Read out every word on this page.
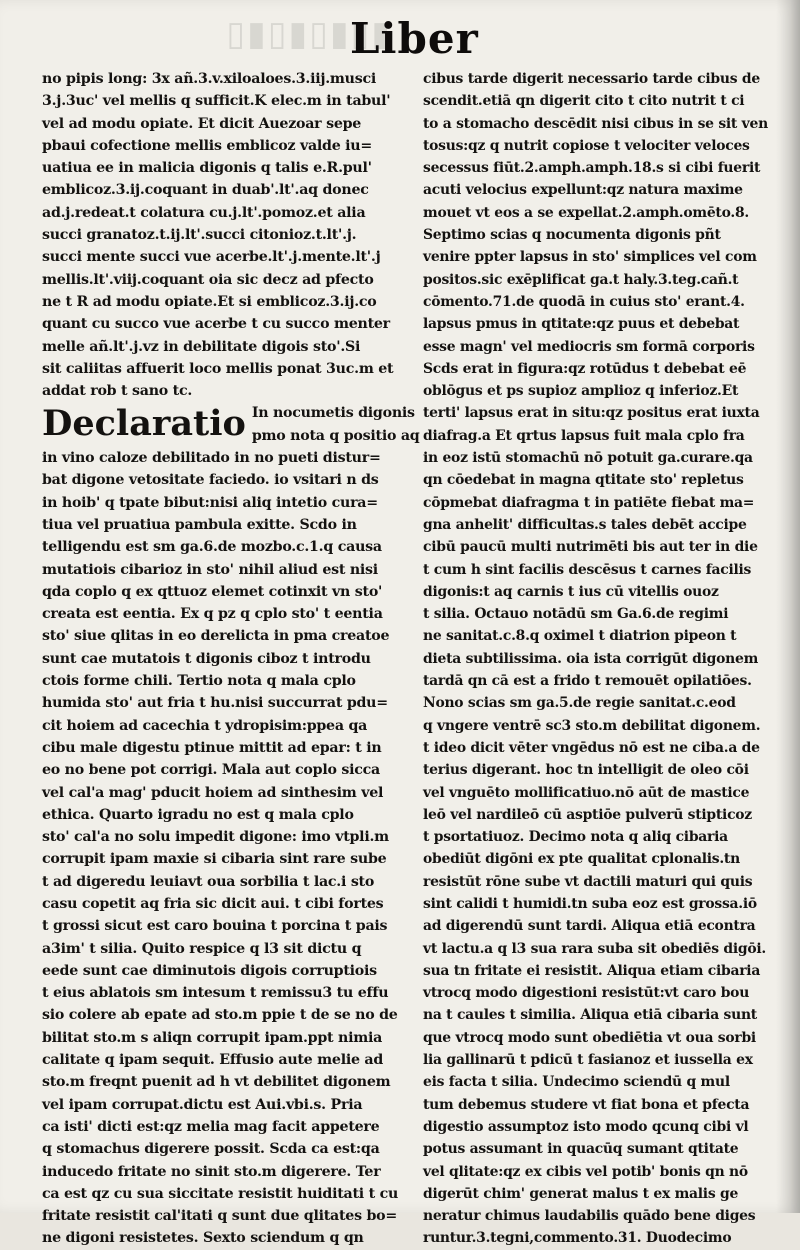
▮▯▮▯▮▯▮▯
Liber
no pipis long: 3x añ.3.v.xiloaloes.3.iij.musci
3.j.3uc' vel mellis q sufficit.K elec.m in tabul'
vel ad modu opiate. Et dicit Auezoar sepe
pbaui cofectione mellis emblicoz valde iu=
uatiua ee in malicia digonis q talis e.R.pul'
emblicoz.3.ij.coquant in duab'.lt'.aq donec
ad.j.redeat.t colatura cu.j.lt'.pomoz.et alia
succi granatoz.t.ij.lt'.succi citonioz.t.lt'.j.
succi mente succi vue acerbe.lt'.j.mente.lt'.j
mellis.lt'.viij.coquant oia sic decz ad pfecto
ne t R ad modu opiate.Et si emblicoz.3.ij.co
quant cu succo vue acerbe t cu succo menter
melle añ.lt'.j.vz in debilitate digois sto'.Si
sit caliitas affuerit loco mellis ponat 3uc.m et
addat rob t sano tc.
Declaratio In nocumetis digonis
pmo nota q positio aq
in vino caloze debilitado in no pueti distur=
bat digone vetositate faciedo. io vsitari n ds
in hoib' q tpate bibut:nisi aliq intetio cura=
tiua vel pruatiua pambula exitte. Scdo in
telligendu est sm ga.6.de mozbo.c.1.q causa
mutatiois cibarioz in sto' nihil aliud est nisi
qda coplo q ex qttuoz elemet cotinxit vn sto'
creata est eentia. Ex q pz q cplo sto' t eentia
sto' siue qlitas in eo derelicta in pma creatoe
sunt cae mutatois t digonis ciboz t introdu
ctois forme chili. Tertio nota q mala cplo
humida sto' aut fria t hu.nisi succurrat pdu=
cit hoiem ad cacechia t ydropisim:ppea qa
cibu male digestu ptinue mittit ad epar: t in
eo no bene pot corrigi. Mala aut coplo sicca
vel cal'a mag' pducit hoiem ad sinthesim vel
ethica. Quarto igradu no est q mala cplo
sto' cal'a no solu impedit digone: imo vtpli.m
corrupit ipam maxie si cibaria sint rare sube
t ad digeredu leuiavt oua sorbilia t lac.i sto
casu copetit aq fria sic dicit aui. t cibi fortes
t grossi sicut est caro bouina t porcina t pais
a3im' t silia. Quito respice q l3 sit dictu q
eede sunt cae diminutois digois corruptiois
t eius ablatois sm intesum t remissu3 tu effu
sio colere ab epate ad sto.m ppie t de se no de
bilitat sto.m s aliqn corrupit ipam.ppt nimia
calitate q ipam sequit. Effusio aute melie ad
sto.m freqnt puenit ad h vt debilitet digonem
vel ipam corrupat.dictu est Aui.vbi.s. Pria
ca isti' dicti est:qz melia mag facit appetere
q stomachus digerere possit. Scda ca est:qa
inducedo fritate no sinit sto.m digerere. Ter
ca est qz cu sua siccitate resistit huiditati t cu
fritate resistit cal'itati q sunt due qlitates bo=
ne digoni resistetes. Sexto sciendum q qn
cibus tarde digerit necessario tarde cibus de
scendit.etiā qn digerit cito t cito nutrit t ci
to a stomacho descēdit nisi cibus in se sit ven
tosus:qz q nutrit copiose t velociter veloces
secessus fiūt.2.amph.amph.18.s si cibi fuerit
acuti velocius expellunt:qz natura maxime
mouet vt eos a se expellat.2.amph.omēto.8.
Septimo scias q nocumenta digonis pñt
venire ppter lapsus in sto' simplices vel com
positos.sic exēplificat ga.t haly.3.teg.cañ.t
cōmento.71.de quodā in cuius sto' erant.4.
lapsus pmus in qtitate:qz puus et debebat
esse magn' vel mediocris sm formā corporis
Scds erat in figura:qz rotūdus t debebat eē
oblōgus et ps supioz amplioz q inferioz.Et
terti' lapsus erat in situ:qz positus erat iuxta
diafrag.a Et qrtus lapsus fuit mala cplo fra
in eoz istū stomachū nō potuit ga.curare.qa
qn cōedebat in magna qtitate sto' repletus
cōpmebat diafragma t in patiēte fiebat ma=
gna anhelit' difficultas.s tales debēt accipe
cibū paucū multi nutrimēti bis aut ter in die
t cum h sint facilis descēsus t carnes facilis
digonis:t aq carnis t ius cū vitellis ouoz
t silia. Octauo notādū sm Ga.6.de regimi
ne sanitat.c.8.q oximel t diatrion pipeon t
dieta subtilissima. oia ista corrigūt digonem
tardā qn cā est a frido t remouēt opilatiōes.
Nono scias sm ga.5.de regie sanitat.c.eod
q vngere ventrē sc3 sto.m debilitat digonem.
t ideo dicit vēter vngēdus nō est ne ciba.a de
terius digerant. hoc tn intelligit de oleo cōi
vel vnguēto mollificatiuo.nō aūt de mastice
leō vel nardileō cū asptiōe pulverū stipticoz
t psortatiuoz. Decimo nota q aliq cibaria
obediūt digōni ex pte qualitat cplonalis.tn
resistūt rōne sube vt dactili maturi qui quis
sint calidi t humidi.tn suba eoz est grossa.iō
ad digerendū sunt tardi. Aliqua etiā econtra
vt lactu.a q l3 sua rara suba sit obediēs digōi.
sua tn fritate ei resistit. Aliqua etiam cibaria
vtrocq modo digestioni resistūt:vt caro bou
na t caules t similia. Aliqua etiā cibaria sunt
que vtrocq modo sunt obediētia vt oua sorbi
lia gallinarū t pdicū t fasianoz et iussella ex
eis facta t silia. Undecimo sciendū q mul
tum debemus studere vt fiat bona et pfecta
digestio assumptoz isto modo qcunq cibi vl
potus assumant in quacūq sumant qtitate
vel qlitate:qz ex cibis vel potib' bonis qn nō
digerūt chim' generat malus t ex malis ge
neratur chimus laudabilis quādo bene diges
runtur.3.tegni,commento.31. Duodecimo
